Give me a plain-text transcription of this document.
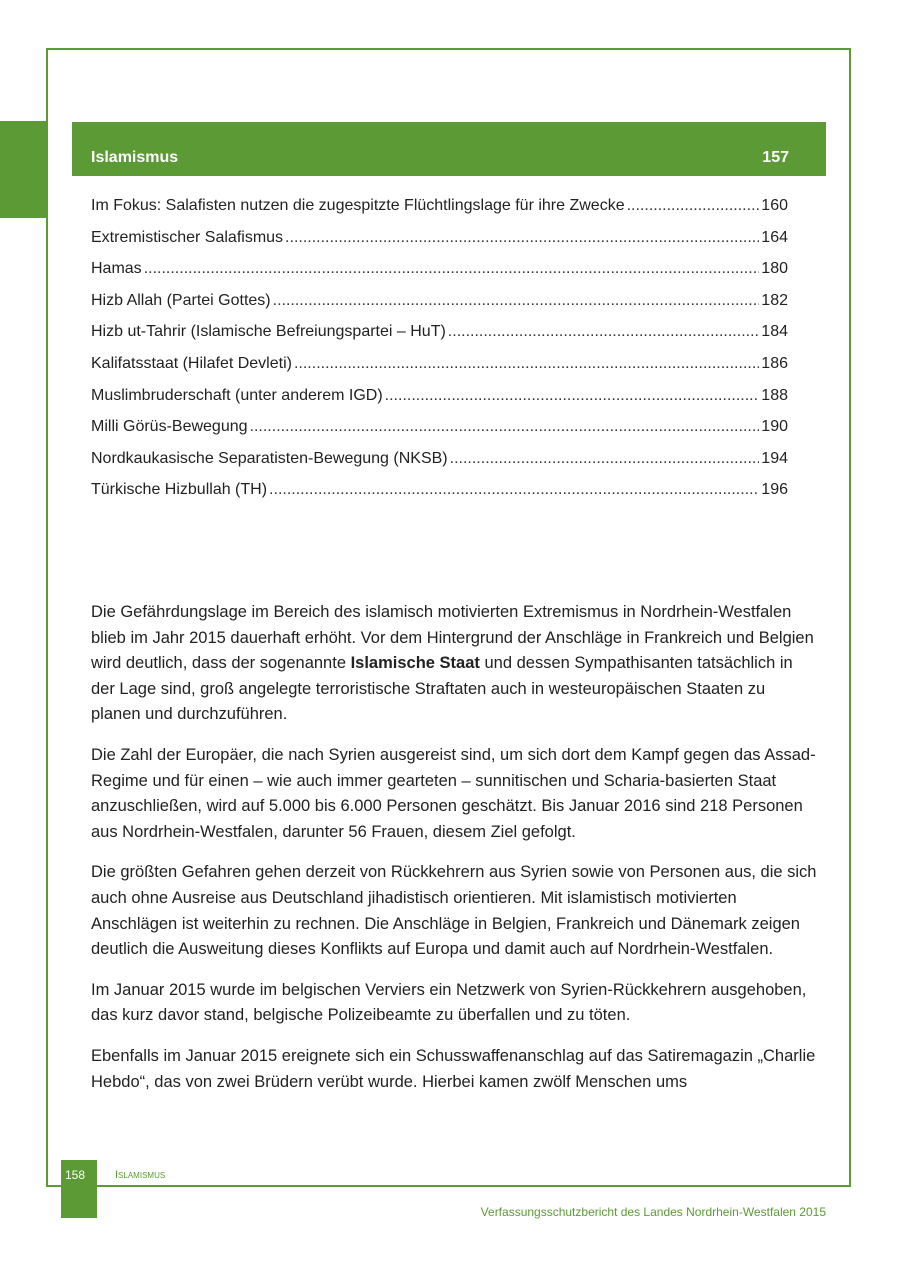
Islamismus	157
Im Fokus: Salafisten nutzen die zugespitzte Flüchtlingslage für ihre Zwecke .....	160
Extremistischer Salafismus .....	164
Hamas .....	180
Hizb Allah (Partei Gottes) .....	182
Hizb ut-Tahrir (Islamische Befreiungspartei – HuT) .....	184
Kalifatsstaat (Hilafet Devleti) .....	186
Muslimbruderschaft (unter anderem IGD) .....	188
Milli Görüs-Bewegung .....	190
Nordkaukasische Separatisten-Bewegung (NKSB) .....	194
Türkische Hizbullah (TH) .....	196

Die Gefährdungslage im Bereich des islamisch motivierten Extremismus in Nordrhein-Westfalen blieb im Jahr 2015 dauerhaft erhöht. Vor dem Hintergrund der Anschläge in Frankreich und Belgien wird deutlich, dass der sogenannte Islamische Staat und dessen Sympathisanten tatsächlich in der Lage sind, groß angelegte terroristische Straftaten auch in westeuropäischen Staaten zu planen und durchzuführen.

Die Zahl der Europäer, die nach Syrien ausgereist sind, um sich dort dem Kampf gegen das Assad-Regime und für einen – wie auch immer gearteten – sunnitischen und Scharia-basierten Staat anzuschließen, wird auf 5.000 bis 6.000 Personen geschätzt. Bis Januar 2016 sind 218 Personen aus Nordrhein-Westfalen, darunter 56 Frauen, diesem Ziel gefolgt.

Die größten Gefahren gehen derzeit von Rückkehrern aus Syrien sowie von Personen aus, die sich auch ohne Ausreise aus Deutschland jihadistisch orientieren. Mit islamistisch motivierten Anschlägen ist weiterhin zu rechnen. Die Anschläge in Belgien, Frankreich und Dänemark zeigen deutlich die Ausweitung dieses Konflikts auf Europa und damit auch auf Nordrhein-Westfalen.

Im Januar 2015 wurde im belgischen Verviers ein Netzwerk von Syrien-Rückkehrern ausgehoben, das kurz davor stand, belgische Polizeibeamte zu überfallen und zu töten.

Ebenfalls im Januar 2015 ereignete sich ein Schusswaffenanschlag auf das Satiremagazin „Charlie Hebdo“, das von zwei Brüdern verübt wurde. Hierbei kamen zwölf Menschen ums

158	Islamismus
Verfassungsschutzbericht des Landes Nordrhein-Westfalen 2015
